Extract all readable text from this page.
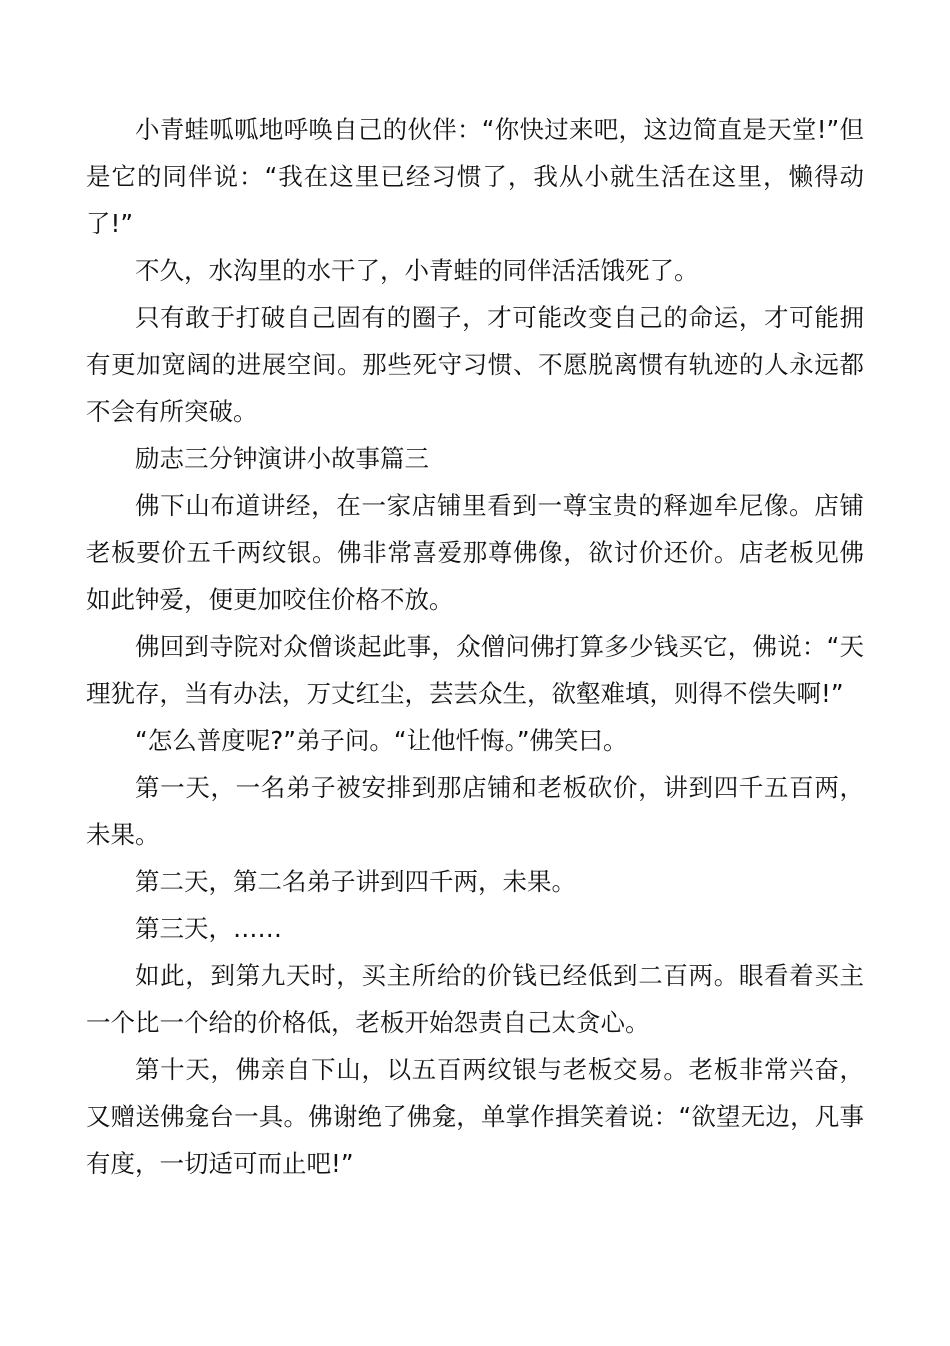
小青蛙呱呱地呼唤自己的伙伴：“你快过来吧，这边简直是天堂!”但是它的同伴说：“我在这里已经习惯了，我从小就生活在这里，懒得动了!”

不久，水沟里的水干了，小青蛙的同伴活活饿死了。

只有敢于打破自己固有的圈子，才可能改变自己的命运，才可能拥有更加宽阔的进展空间。那些死守习惯、不愿脱离惯有轨迹的人永远都不会有所突破。

励志三分钟演讲小故事篇三

佛下山布道讲经，在一家店铺里看到一尊宝贵的释迦牟尼像。店铺老板要价五千两纹银。佛非常喜爱那尊佛像，欲讨价还价。店老板见佛如此钟爱，便更加咬住价格不放。

佛回到寺院对众僧谈起此事，众僧问佛打算多少钱买它，佛说：“天理犹存，当有办法，万丈红尘，芸芸众生，欲壑难填，则得不偿失啊!”

“怎么普度呢?”弟子问。“让他忏悔。”佛笑曰。

第一天，一名弟子被安排到那店铺和老板砍价，讲到四千五百两，未果。

第二天，第二名弟子讲到四千两，未果。

第三天，……

如此，到第九天时，买主所给的价钱已经低到二百两。眼看着买主一个比一个给的价格低，老板开始怨责自己太贪心。

第十天，佛亲自下山，以五百两纹银与老板交易。老板非常兴奋，又赠送佛龛台一具。佛谢绝了佛龛，单掌作揖笑着说：“欲望无边，凡事有度，一切适可而止吧!”
